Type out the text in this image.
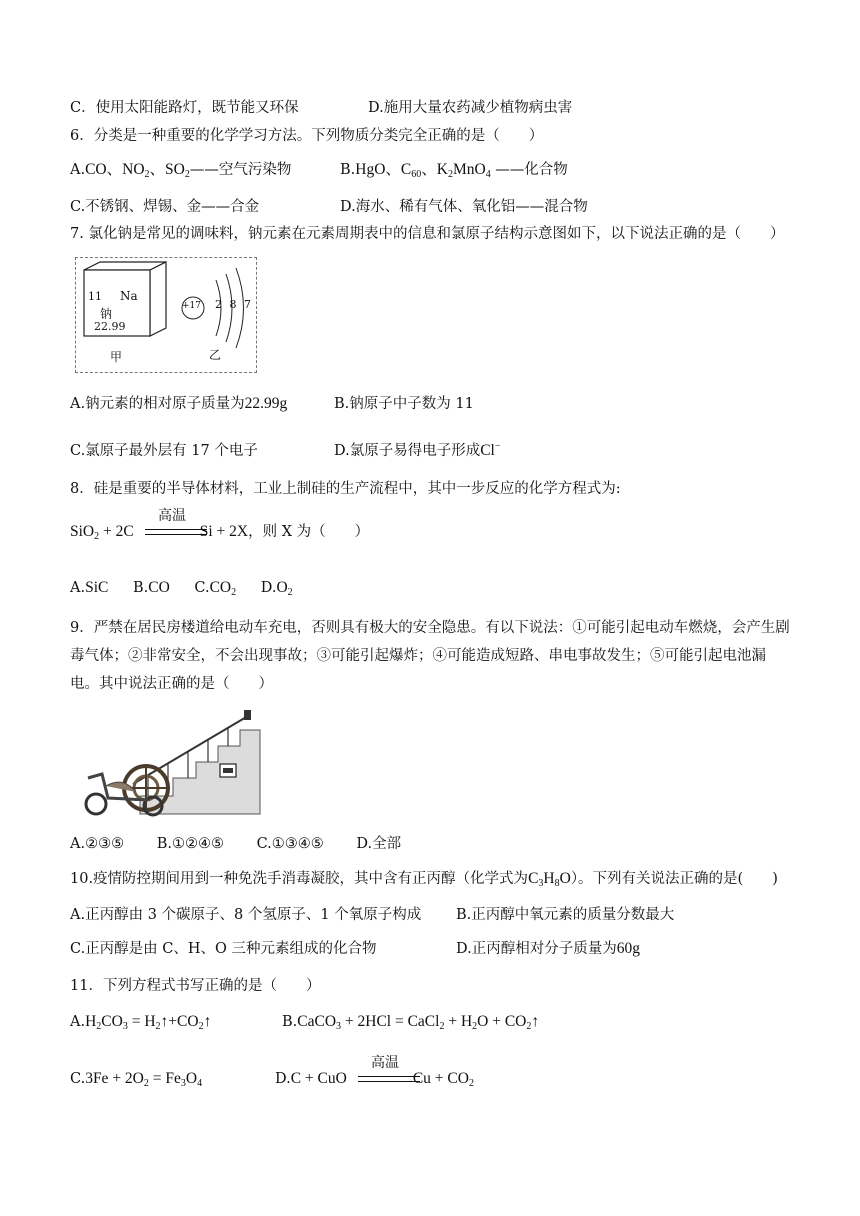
C．使用太阳能路灯，既节能又环保	D.施用大量农药减少植物病虫害
6．分类是一种重要的化学学习方法。下列物质分类完全正确的是（　　）
A.CO、$NO_2$、$SO_2——$空气污染物	B.HgO、$C_{60}$、$K_2MnO_4$ ——化合物
C.不锈钢、焊锡、金——合金	D.海水、稀有气体、氧化铝——混合物
7. 氯化钠是常见的调味料，钠元素在元素周期表中的信息和氯原子结构示意图如下，以下说法正确的是（　　）
11 Na
钠
22.99
甲
+17 2 8 7
乙
A.钠元素的相对原子质量为22.99g	B.钠原子中子数为 11
C.氯原子最外层有 17 个电子	D.氯原子易得电子形成Cl−
8．硅是重要的半导体材料，工业上制硅的生产流程中，其中一步反应的化学方程式为:
高温
SiO$_2$ + 2C	Si + 2X，则 X 为（　　）
A.SiC B.CO $C.CO_2$ $D.O_2$
9．严禁在居民房楼道给电动车充电，否则具有极大的安全隐患。有以下说法：①可能引起电动车燃烧，会产生剧毒气体；②非常安全，不会出现事故；③可能引起爆炸；④可能造成短路、串电事故发生；⑤可能引起电池漏电。其中说法正确的是（　　）
A.②③⑤ B.①②④⑤ C.①③④⑤ D.全部
10.疫情防控期间用到一种免洗手消毒凝胶，其中含有正丙醇（化学式为$C_3H_8O$）。下列有关说法正确的是(　　)
A.正丙醇由 3 个碳原子、8 个氢原子、1 个氧原子构成 B.正丙醇中氧元素的质量分数最大
C.正丙醇是由 C、H、O 三种元素组成的化合物	D.正丙醇相对分子质量为60g
11．下列方程式书写正确的是（　　）
$A.H_2CO_3$ = $H_2↑+CO_2↑$	B.CaCO$_3$ + 2HCl = CaCl$_2$ + $H_2O$ + $CO_2↑$
$C.3Fe + 2O_2 = Fe_3O_4$
高温
D.C + CuO	$Cu + CO_2$
